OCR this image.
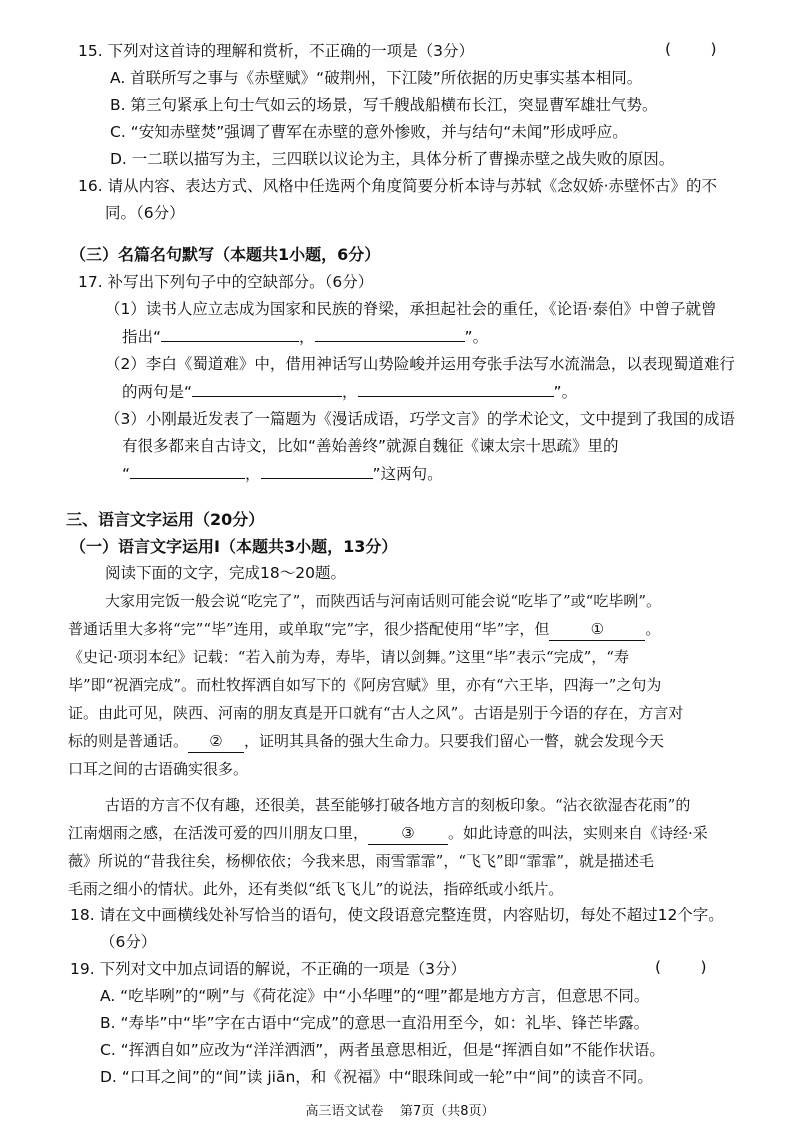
15. 下列对这首诗的理解和赏析，不正确的一项是（3分）	(        )
A. 首联所写之事与《赤壁赋》“破荆州，下江陵”所依据的历史事实基本相同。
B. 第三句紧承上句士气如云的场景，写千艘战船横布长江，突显曹军雄壮气势。
C. “安知赤壁焚”强调了曹军在赤壁的意外惨败，并与结句“未闻”形成呼应。
D. 一二联以描写为主，三四联以议论为主，具体分析了曹操赤壁之战失败的原因。
16. 请从内容、表达方式、风格中任选两个角度简要分析本诗与苏轼《念奴娇·赤壁怀古》的不
同。（6分）
（三）名篇名句默写（本题共1小题，6分）
17. 补写出下列句子中的空缺部分。（6分）
（1）读书人应立志成为国家和民族的脊梁，承担起社会的重任，《论语·泰伯》中曾子就曾
指出“	，	”。
（2）李白《蜀道难》中，借用神话写山势险峻并运用夸张手法写水流湍急，以表现蜀道难行
的两句是“	，	”。
（3）小刚最近发表了一篇题为《漫话成语，巧学文言》的学术论文，文中提到了我国的成语
有很多都来自古诗文，比如“善始善终”就源自魏征《谏太宗十思疏》里的
“	，	”这两句。
三、语言文字运用（20分）
（一）语言文字运用Ⅰ（本题共3小题，13分）
阅读下面的文字，完成18～20题。
大家用完饭一般会说“吃完了”，而陕西话与河南话则可能会说“吃毕了”或“吃毕咧”。
普通话里大多将“完”“毕”连用，或单取“完”字，很少搭配使用“毕”字，但	①	。
《史记·项羽本纪》记载：“若入前为寿，寿毕，请以剑舞。”这里“毕”表示“完成”，“寿
毕”即“祝酒完成”。而杜牧挥洒自如写下的《阿房宫赋》里，亦有“六王毕，四海一”之句为
证。由此可见，陕西、河南的朋友真是开口就有“古人之风”。古语是别于今语的存在，方言对
标的则是普通话。 ② ，证明其具备的强大生命力。只要我们留心一瞥，就会发现今天
口耳之间的古语确实很多。
古语的方言不仅有趣，还很美，甚至能够打破各地方言的刻板印象。“沾衣欲湿杏花雨”的
江南烟雨之感，在活泼可爱的四川朋友口里， ③ 。如此诗意的叫法，实则来自《诗经·采
薇》所说的“昔我往矣，杨柳依依；今我来思，雨雪霏霏”，“飞飞”即“霏霏”，就是描述毛
毛雨之细小的情状。此外，还有类似“纸飞飞儿”的说法，指碎纸或小纸片。
18. 请在文中画横线处补写恰当的语句，使文段语意完整连贯，内容贴切，每处不超过12个字。
（6分）
19. 下列对文中加点词语的解说，不正确的一项是（3分）	(        )
A. “吃毕咧”的“咧”与《荷花淀》中“小华哩”的“哩”都是地方方言，但意思不同。
B. “寿毕”中“毕”字在古语中“完成”的意思一直沿用至今，如：礼毕、锋芒毕露。
C. “挥洒自如”应改为“洋洋洒洒”，两者虽意思相近，但是“挥洒自如”不能作状语。
D. “口耳之间”的“间”读 jiān，和《祝福》中“眼珠间或一轮”中“间”的读音不同。
高三语文试卷 第7页（共8页）
